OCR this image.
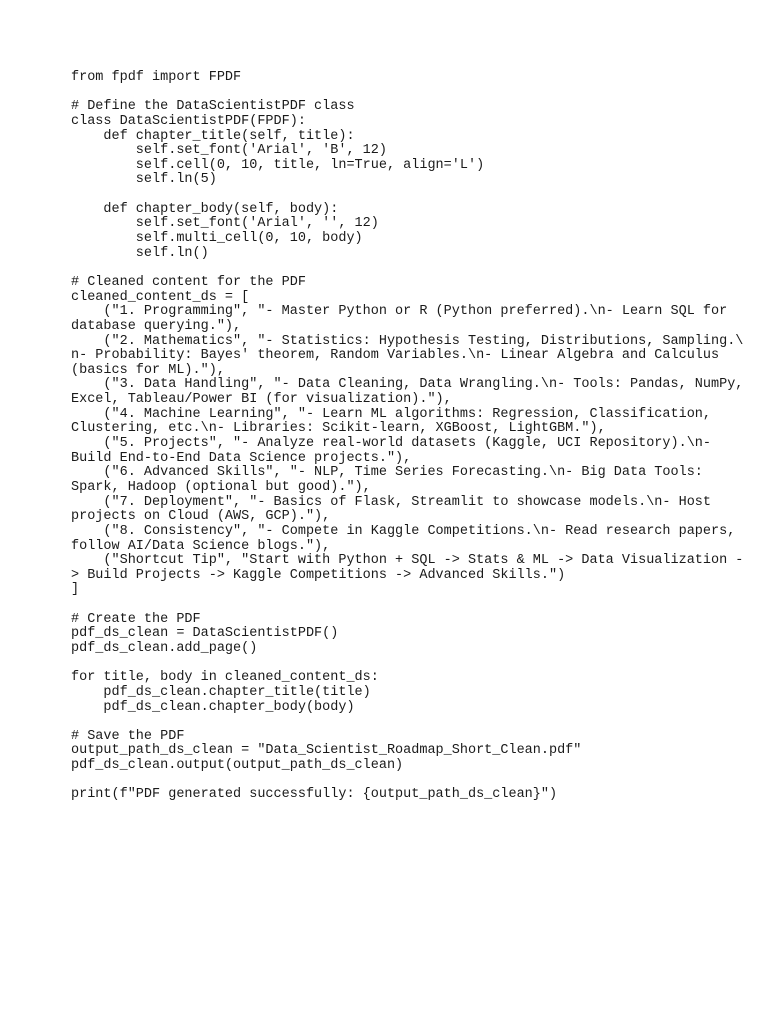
from fpdf import FPDF
# Define the DataScientistPDF class
class DataScientistPDF(FPDF):
def chapter_title(self, title):
self.set_font('Arial', 'B', 12)
self.cell(0, 10, title, ln=True, align='L')
self.ln(5)
def chapter_body(self, body):
self.set_font('Arial', '', 12)
self.multi_cell(0, 10, body)
self.ln()
# Cleaned content for the PDF
cleaned_content_ds = [
("1. Programming", "- Master Python or R (Python preferred).\n- Learn SQL for
database querying."),
("2. Mathematics", "- Statistics: Hypothesis Testing, Distributions, Sampling.\
n- Probability: Bayes' theorem, Random Variables.\n- Linear Algebra and Calculus
(basics for ML)."),
("3. Data Handling", "- Data Cleaning, Data Wrangling.\n- Tools: Pandas, NumPy,
Excel, Tableau/Power BI (for visualization)."),
("4. Machine Learning", "- Learn ML algorithms: Regression, Classification,
Clustering, etc.\n- Libraries: Scikit-learn, XGBoost, LightGBM."),
("5. Projects", "- Analyze real-world datasets (Kaggle, UCI Repository).\n-
Build End-to-End Data Science projects."),
("6. Advanced Skills", "- NLP, Time Series Forecasting.\n- Big Data Tools:
Spark, Hadoop (optional but good)."),
("7. Deployment", "- Basics of Flask, Streamlit to showcase models.\n- Host
projects on Cloud (AWS, GCP)."),
("8. Consistency", "- Compete in Kaggle Competitions.\n- Read research papers,
follow AI/Data Science blogs."),
("Shortcut Tip", "Start with Python + SQL -> Stats & ML -> Data Visualization -
> Build Projects -> Kaggle Competitions -> Advanced Skills.")
]
# Create the PDF
pdf_ds_clean = DataScientistPDF()
pdf_ds_clean.add_page()
for title, body in cleaned_content_ds:
pdf_ds_clean.chapter_title(title)
pdf_ds_clean.chapter_body(body)
# Save the PDF
output_path_ds_clean = "Data_Scientist_Roadmap_Short_Clean.pdf"
pdf_ds_clean.output(output_path_ds_clean)
print(f"PDF generated successfully: {output_path_ds_clean}")
